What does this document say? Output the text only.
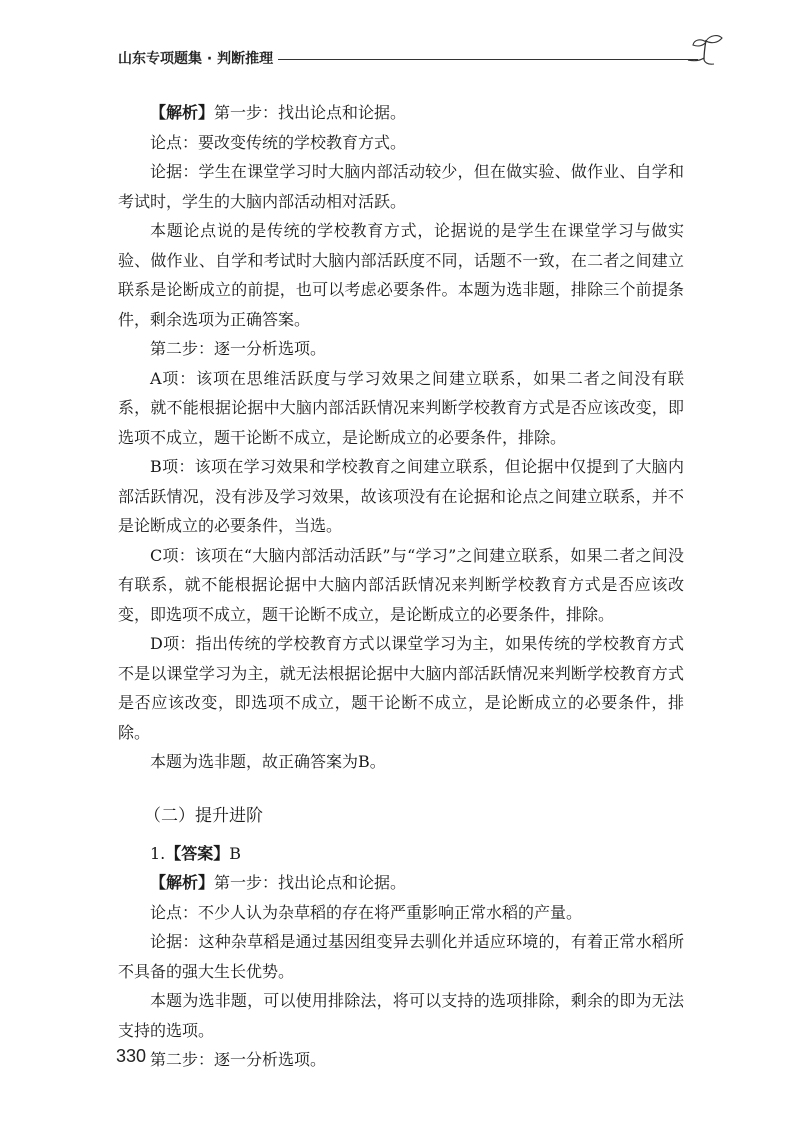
山东专项题集 · 判断推理

【解析】第一步：找出论点和论据。

论点：要改变传统的学校教育方式。

论据：学生在课堂学习时大脑内部活动较少，但在做实验、做作业、自学和考试时，学生的大脑内部活动相对活跃。

本题论点说的是传统的学校教育方式，论据说的是学生在课堂学习与做实验、做作业、自学和考试时大脑内部活跃度不同，话题不一致，在二者之间建立联系是论断成立的前提，也可以考虑必要条件。本题为选非题，排除三个前提条件，剩余选项为正确答案。

第二步：逐一分析选项。

A项：该项在思维活跃度与学习效果之间建立联系，如果二者之间没有联系，就不能根据论据中大脑内部活跃情况来判断学校教育方式是否应该改变，即选项不成立，题干论断不成立，是论断成立的必要条件，排除。

B项：该项在学习效果和学校教育之间建立联系，但论据中仅提到了大脑内部活跃情况，没有涉及学习效果，故该项没有在论据和论点之间建立联系，并不是论断成立的必要条件，当选。

C项：该项在“大脑内部活动活跃”与“学习”之间建立联系，如果二者之间没有联系，就不能根据论据中大脑内部活跃情况来判断学校教育方式是否应该改变，即选项不成立，题干论断不成立，是论断成立的必要条件，排除。

D项：指出传统的学校教育方式以课堂学习为主，如果传统的学校教育方式不是以课堂学习为主，就无法根据论据中大脑内部活跃情况来判断学校教育方式是否应该改变，即选项不成立，题干论断不成立，是论断成立的必要条件，排除。

本题为选非题，故正确答案为B。

（二）提升进阶

1.【答案】B

【解析】第一步：找出论点和论据。

论点：不少人认为杂草稻的存在将严重影响正常水稻的产量。

论据：这种杂草稻是通过基因组变异去驯化并适应环境的，有着正常水稻所不具备的强大生长优势。

本题为选非题，可以使用排除法，将可以支持的选项排除，剩余的即为无法支持的选项。

第二步：逐一分析选项。

330
